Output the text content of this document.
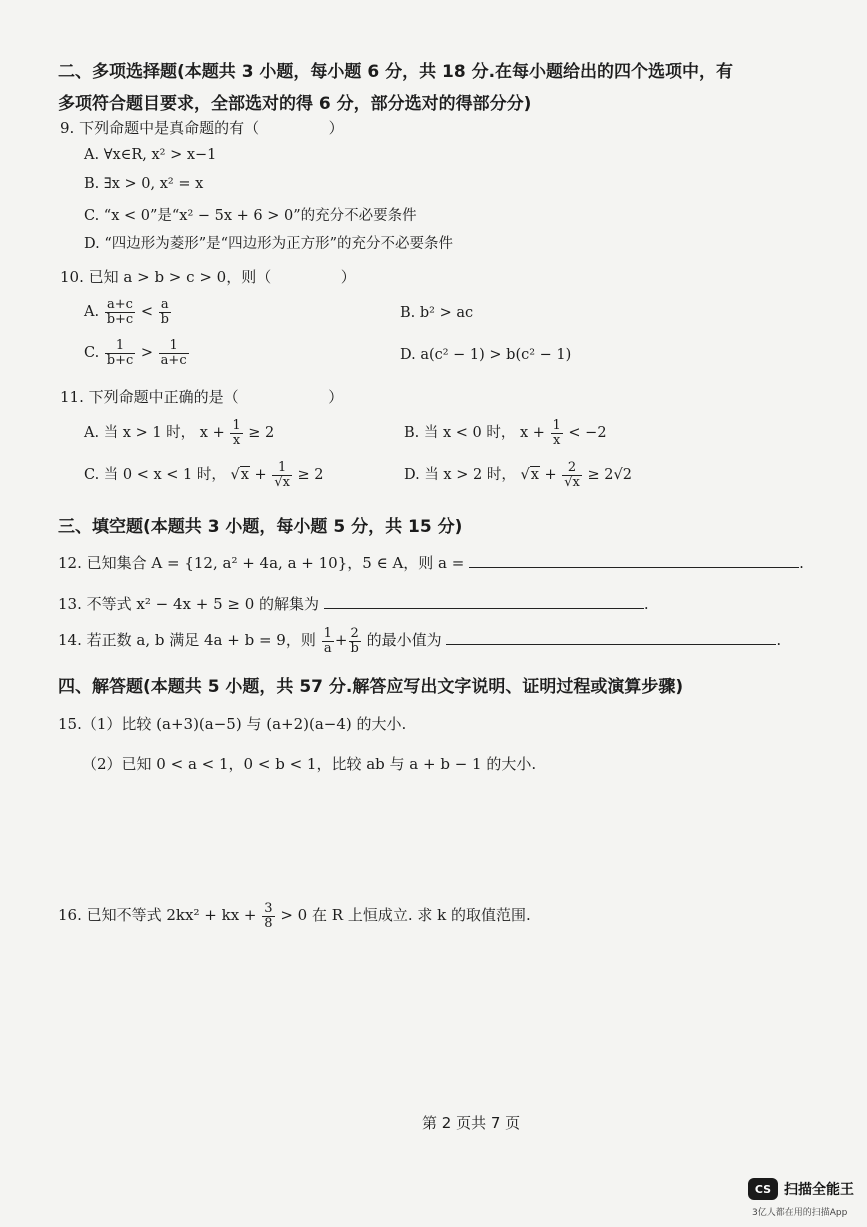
二、多项选择题(本题共 3 小题，每小题 6 分，共 18 分.在每小题给出的四个选项中，有
多项符合题目要求，全部选对的得 6 分，部分选对的得部分分)
9. 下列命题中是真命题的有（	）
A. ∀x∈R, x² > x−1
B. ∃x > 0, x² = x
C. “x < 0”是“x² − 5x + 6 > 0”的充分不必要条件
D. “四边形为菱形”是“四边形为正方形”的充分不必要条件
10. 已知 a > b > c > 0，则（	）
A. $\frac{a+c}{b+c} < \frac{a}{b}$	B. b² > ac
C. $\frac{1}{b+c} > \frac{1}{a+c}$	D. a(c² − 1) > b(c² − 1)
11. 下列命题中正确的是（	）
A. 当 x > 1 时， $x + \frac{1}{x} \ge 2$	B. 当 x < 0 时， $x + \frac{1}{x} < -2$
C. 当 0 < x < 1 时， $√x + \frac{1}{√x} \ge 2$	D. 当 x > 2 时， $√x + \frac{2}{√x} \ge 2√2$
三、填空题(本题共 3 小题，每小题 5 分，共 15 分)
12. 已知集合 A = {12, a² + 4a, a + 10}，5 ∈ A，则 a =	.
13. 不等式 x² − 4x + 5 ≥ 0 的解集为	.
14. 若正数 a, b 满足 4a + b = 9，则 $\frac{1}{a} + \frac{2}{b}$ 的最小值为	.
四、解答题(本题共 5 小题，共 57 分.解答应写出文字说明、证明过程或演算步骤)
15.（1）比较 (a+3)(a−5) 与 (a+2)(a−4) 的大小.
（2）已知 0 < a < 1，0 < b < 1，比较 ab 与 a + b − 1 的大小.
16. 已知不等式 2kx² + kx + $\frac{3}{8} > 0$ 在 R 上恒成立. 求 k 的取值范围.
第 2 页共 7 页
CS 扫描全能王
3亿人都在用的扫描App
